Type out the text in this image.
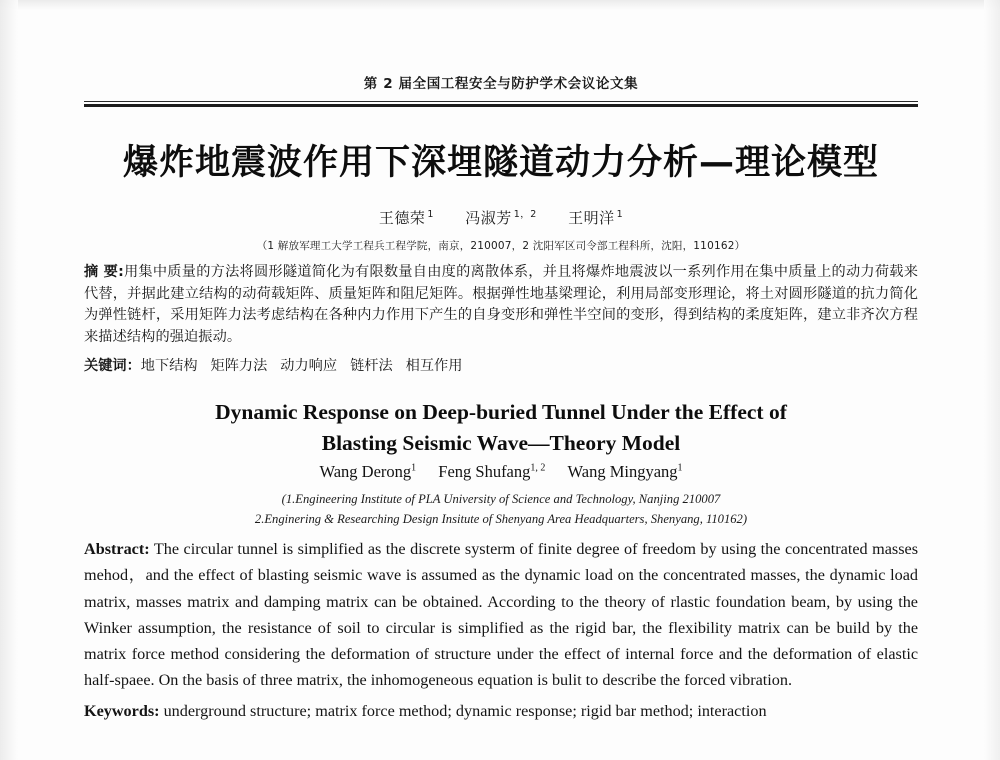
第 2 届全国工程安全与防护学术会议论文集
爆炸地震波作用下深埋隧道动力分析—理论模型
王德荣 $^1$ 冯淑芳 $^{1,2}$ 王明洋 $^1$
（1 解放军理工大学工程兵工程学院，南京，210007，2 沈阳军区司令部工程科所，沈阳，110162）
摘 要:用集中质量的方法将圆形隧道简化为有限数量自由度的离散体系，并且将爆炸地震波以一系列作用在集中质量上的动力荷载来代替，并据此建立结构的动荷载矩阵、质量矩阵和阻尼矩阵。根据弹性地基梁理论，利用局部变形理论，将土对圆形隧道的抗力简化为弹性链杆，采用矩阵力法考虑结构在各种内力作用下产生的自身变形和弹性半空间的变形，得到结构的柔度矩阵，建立非齐次方程来描述结构的强迫振动。
关键词：地下结构 矩阵力法 动力响应 链杆法 相互作用
Dynamic Response on Deep-buried Tunnel Under the Effect of
Blasting Seismic Wave—Theory Model
Wang Derong$^1$ Feng Shufang$^{1, 2}$ Wang Mingyang$^1$
(1.Engineering Institute of PLA University of Science and Technology, Nanjing 210007
2.Enginering & Researching Design Insitute of Shenyang Area Headquarters, Shenyang, 110162)
Abstract: The circular tunnel is simplified as the discrete systerm of finite degree of freedom by using the concentrated masses mehod，and the effect of blasting seismic wave is assumed as the dynamic load on the concentrated masses, the dynamic load matrix, masses matrix and damping matrix can be obtained. According to the theory of rlastic foundation beam, by using the Winker assumption, the resistance of soil to circular is simplified as the rigid bar, the flexibility matrix can be build by the matrix force method considering the deformation of structure under the effect of internal force and the deformation of elastic half-spaee. On the basis of three matrix, the inhomogeneous equation is bulit to describe the forced vibration.
Keywords: underground structure; matrix force method; dynamic response; rigid bar method; interaction
